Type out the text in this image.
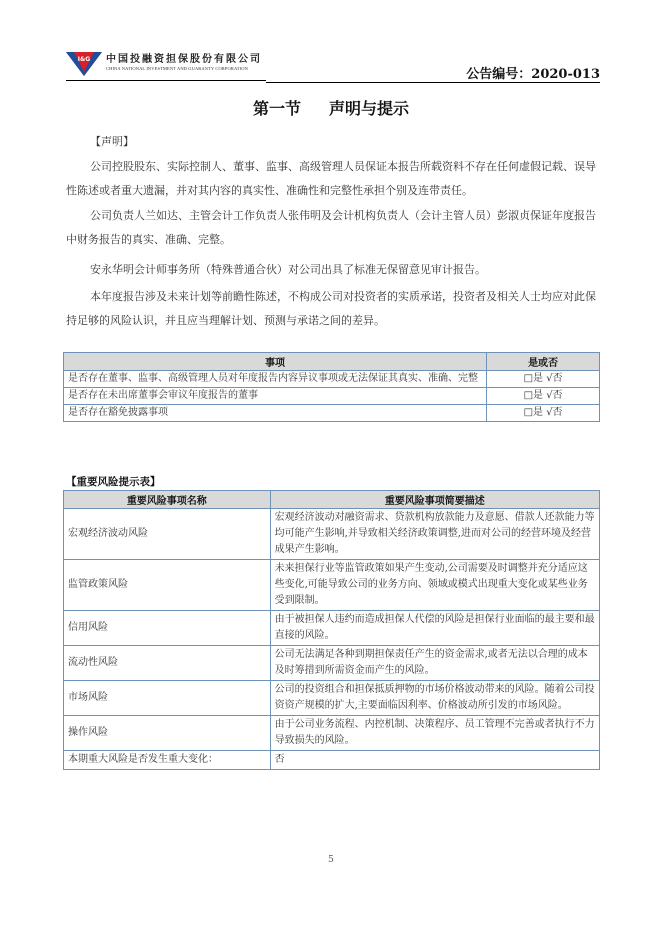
I&G 中国投融资担保股份有限公司
CHINA NATIONAL INVESTMENT AND GUARANTY CORPORATION	公告编号：2020-013
第一节 声明与提示
【声明】
公司控股股东、实际控制人、董事、监事、高级管理人员保证本报告所载资料不存在任何虚假记载、误导性陈述或者重大遗漏，并对其内容的真实性、准确性和完整性承担个别及连带责任。
公司负责人兰如达、主管会计工作负责人张伟明及会计机构负责人（会计主管人员）彭淑贞保证年度报告中财务报告的真实、准确、完整。
安永华明会计师事务所（特殊普通合伙）对公司出具了标准无保留意见审计报告。
本年度报告涉及未来计划等前瞻性陈述，不构成公司对投资者的实质承诺，投资者及相关人士均应对此保持足够的风险认识，并且应当理解计划、预测与承诺之间的差异。
事项	是或否
是否存在董事、监事、高级管理人员对年度报告内容异议事项或无法保证其真实、准确、完整	□是 √否
是否存在未出席董事会审议年度报告的董事	□是 √否
是否存在豁免披露事项	□是 √否
【重要风险提示表】
重要风险事项名称	重要风险事项简要描述
宏观经济波动风险	宏观经济波动对融资需求、贷款机构放款能力及意愿、借款人还款能力等均可能产生影响,并导致相关经济政策调整,进而对公司的经营环境及经营成果产生影响。
监管政策风险	未来担保行业等监管政策如果产生变动,公司需要及时调整并充分适应这些变化,可能导致公司的业务方向、领域或模式出现重大变化或某些业务受到限制。
信用风险	由于被担保人违约而造成担保人代偿的风险是担保行业面临的最主要和最直接的风险。
流动性风险	公司无法满足各种到期担保责任产生的资金需求,或者无法以合理的成本及时筹措到所需资金而产生的风险。
市场风险	公司的投资组合和担保抵质押物的市场价格波动带来的风险。随着公司投资资产规模的扩大,主要面临因利率、价格波动所引发的市场风险。
操作风险	由于公司业务流程、内控机制、决策程序、员工管理不完善或者执行不力导致损失的风险。
本期重大风险是否发生重大变化：	否
5
